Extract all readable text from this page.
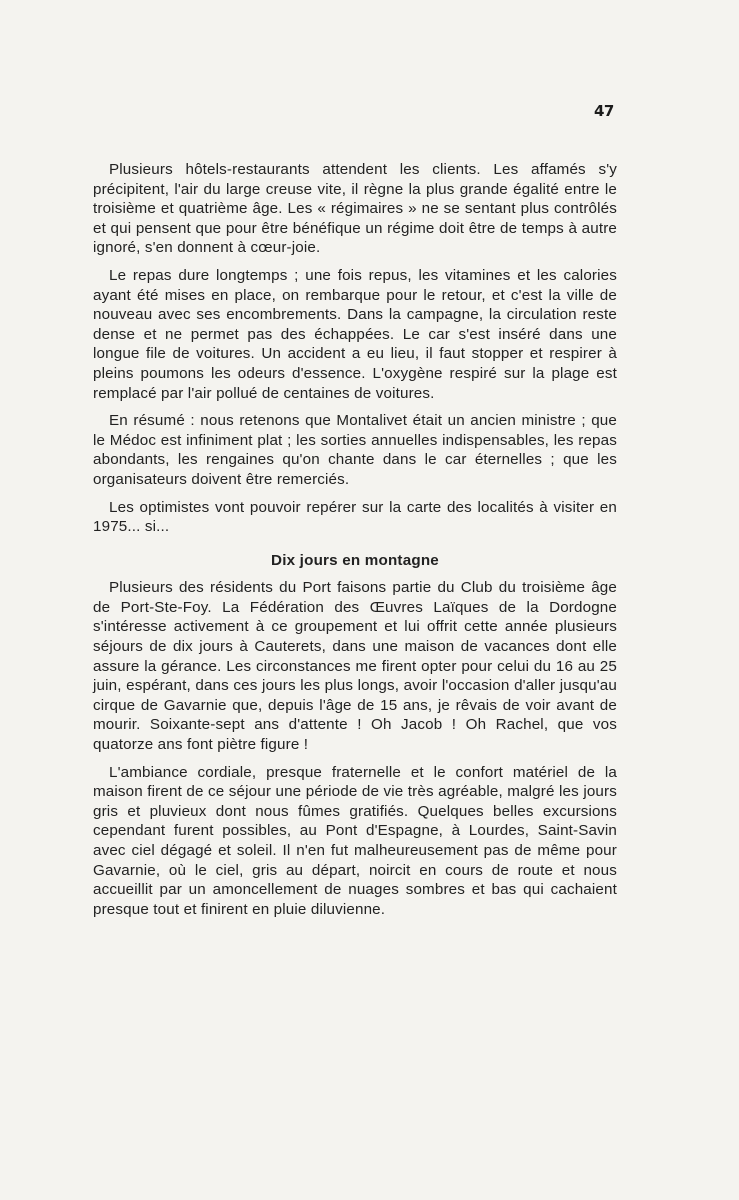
47

Plusieurs hôtels-restaurants attendent les clients. Les affamés s'y précipitent, l'air du large creuse vite, il règne la plus grande égalité entre le troisième et quatrième âge. Les « régimaires » ne se sentant plus contrôlés et qui pensent que pour être bénéfique un régime doit être de temps à autre ignoré, s'en donnent à cœur-joie.

Le repas dure longtemps ; une fois repus, les vitamines et les calories ayant été mises en place, on rembarque pour le retour, et c'est la ville de nouveau avec ses encombrements. Dans la campagne, la circulation reste dense et ne permet pas des échappées. Le car s'est inséré dans une longue file de voitures. Un accident a eu lieu, il faut stopper et respirer à pleins poumons les odeurs d'essence. L'oxygène respiré sur la plage est remplacé par l'air pollué de centaines de voitures.

En résumé : nous retenons que Montalivet était un ancien ministre ; que le Médoc est infiniment plat ; les sorties annuelles indispensables, les repas abondants, les rengaines qu'on chante dans le car éternelles ; que les organisateurs doivent être remerciés.

Les optimistes vont pouvoir repérer sur la carte des localités à visiter en 1975... si...

Dix jours en montagne

Plusieurs des résidents du Port faisons partie du Club du troisième âge de Port-Ste-Foy. La Fédération des Œuvres Laïques de la Dordogne s'intéresse activement à ce groupement et lui offrit cette année plusieurs séjours de dix jours à Cauterets, dans une maison de vacances dont elle assure la gérance. Les circonstances me firent opter pour celui du 16 au 25 juin, espérant, dans ces jours les plus longs, avoir l'occasion d'aller jusqu'au cirque de Gavarnie que, depuis l'âge de 15 ans, je rêvais de voir avant de mourir. Soixante-sept ans d'attente ! Oh Jacob ! Oh Rachel, que vos quatorze ans font piètre figure !

L'ambiance cordiale, presque fraternelle et le confort matériel de la maison firent de ce séjour une période de vie très agréable, malgré les jours gris et pluvieux dont nous fûmes gratifiés. Quelques belles excursions cependant furent possibles, au Pont d'Espagne, à Lourdes, Saint-Savin avec ciel dégagé et soleil. Il n'en fut malheureusement pas de même pour Gavarnie, où le ciel, gris au départ, noircit en cours de route et nous accueillit par un amoncellement de nuages sombres et bas qui cachaient presque tout et finirent en pluie diluvienne.
